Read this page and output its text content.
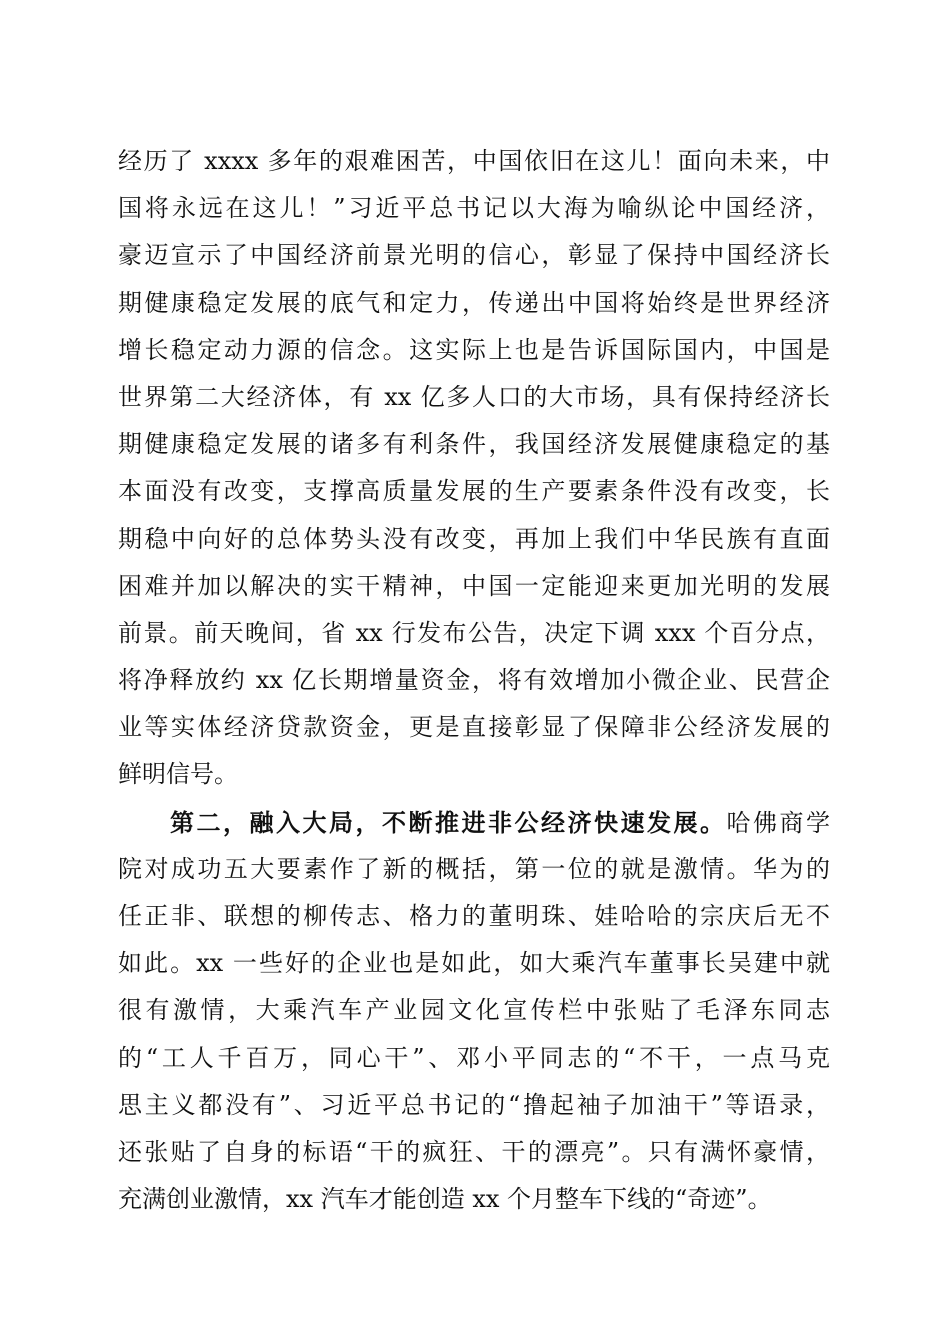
经历了 xxxx 多年的艰难困苦，中国依旧在这儿！面向未来，中
国将永远在这儿！”习近平总书记以大海为喻纵论中国经济，
豪迈宣示了中国经济前景光明的信心，彰显了保持中国经济长
期健康稳定发展的底气和定力，传递出中国将始终是世界经济
增长稳定动力源的信念。这实际上也是告诉国际国内，中国是
世界第二大经济体，有 xx 亿多人口的大市场，具有保持经济长
期健康稳定发展的诸多有利条件，我国经济发展健康稳定的基
本面没有改变，支撑高质量发展的生产要素条件没有改变，长
期稳中向好的总体势头没有改变，再加上我们中华民族有直面
困难并加以解决的实干精神，中国一定能迎来更加光明的发展
前景。前天晚间，省 xx 行发布公告，决定下调 xxx 个百分点，
将净释放约 xx 亿长期增量资金，将有效增加小微企业、民营企
业等实体经济贷款资金，更是直接彰显了保障非公经济发展的
鲜明信号。
第二，融入大局，不断推进非公经济快速发展。哈佛商学
院对成功五大要素作了新的概括，第一位的就是激情。华为的
任正非、联想的柳传志、格力的董明珠、娃哈哈的宗庆后无不
如此。xx 一些好的企业也是如此，如大乘汽车董事长吴建中就
很有激情，大乘汽车产业园文化宣传栏中张贴了毛泽东同志
的“工人千百万，同心干”、邓小平同志的“不干，一点马克
思主义都没有”、习近平总书记的“撸起袖子加油干”等语录，
还张贴了自身的标语“干的疯狂、干的漂亮”。只有满怀豪情，
充满创业激情，xx 汽车才能创造 xx 个月整车下线的“奇迹”。
